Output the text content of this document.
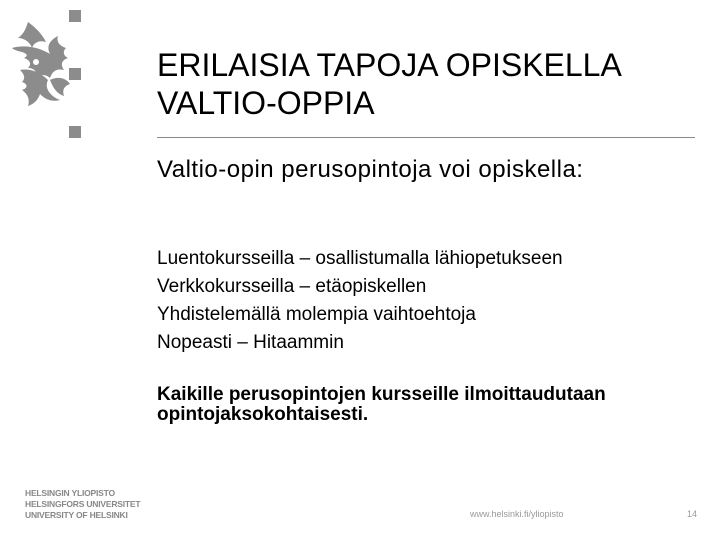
ERILAISIA TAPOJA OPISKELLA VALTIO-OPPIA
Valtio-opin perusopintoja voi opiskella:
Luentokursseilla – osallistumalla lähiopetukseen
Verkkokursseilla – etäopiskellen
Yhdistelemällä molempia vaihtoehtoja
Nopeasti – Hitaammin
Kaikille perusopintojen kursseille ilmoittaudutaan opintojaksokohtaisesti.
HELSINGIN YLIOPISTO
HELSINGFORS UNIVERSITET
UNIVERSITY OF HELSINKI	www.helsinki.fi/yliopisto	14
